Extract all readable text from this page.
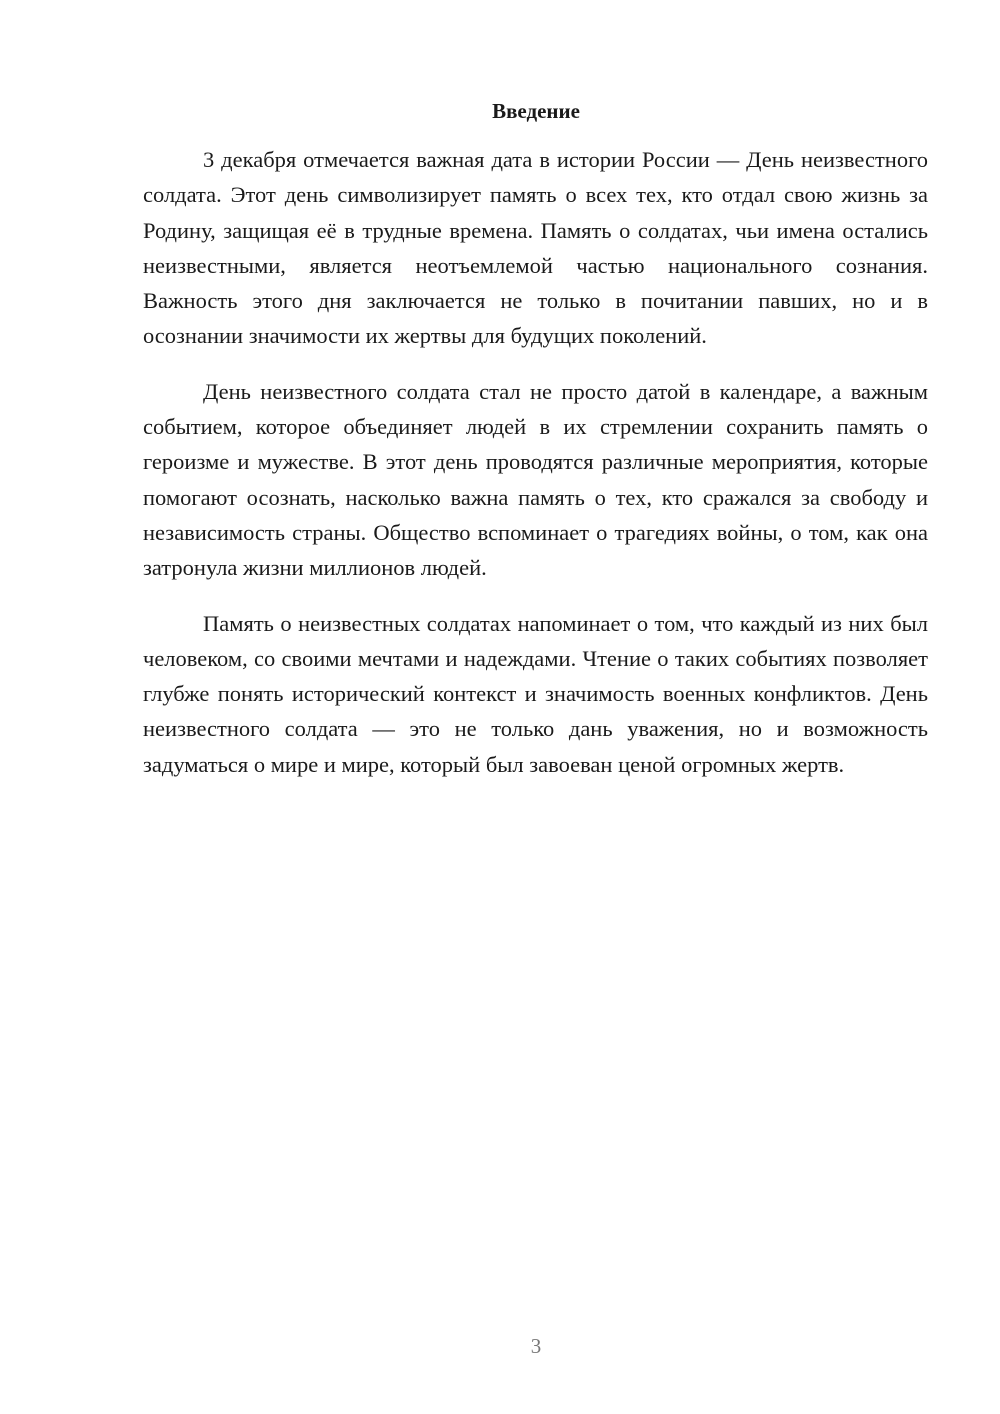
Введение

3 декабря отмечается важная дата в истории России — День неизвестного солдата. Этот день символизирует память о всех тех, кто отдал свою жизнь за Родину, защищая её в трудные времена. Память о солдатах, чьи имена остались неизвестными, является неотъемлемой частью национального сознания. Важность этого дня заключается не только в почитании павших, но и в осознании значимости их жертвы для будущих поколений.

День неизвестного солдата стал не просто датой в календаре, а важным событием, которое объединяет людей в их стремлении сохранить память о героизме и мужестве. В этот день проводятся различные мероприятия, которые помогают осознать, насколько важна память о тех, кто сражался за свободу и независимость страны. Общество вспоминает о трагедиях войны, о том, как она затронула жизни миллионов людей.

Память о неизвестных солдатах напоминает о том, что каждый из них был человеком, со своими мечтами и надеждами. Чтение о таких событиях позволяет глубже понять исторический контекст и значимость военных конфликтов. День неизвестного солдата — это не только дань уважения, но и возможность задуматься о мире и мире, который был завоеван ценой огромных жертв.

3
